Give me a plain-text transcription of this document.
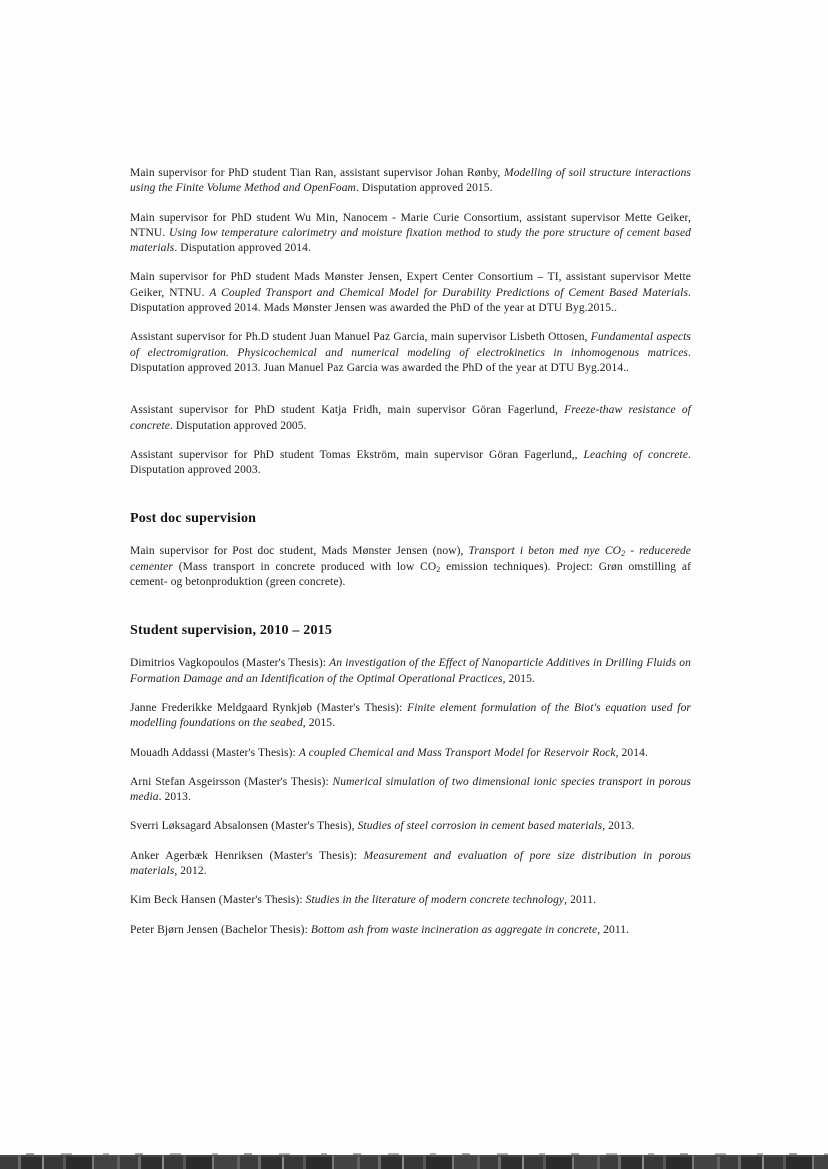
Main supervisor for PhD student Tian Ran, assistant supervisor Johan Rønby, Modelling of soil structure interactions using the Finite Volume Method and OpenFoam. Disputation approved 2015.

Main supervisor for PhD student Wu Min, Nanocem - Marie Curie Consortium, assistant supervisor Mette Geiker, NTNU. Using low temperature calorimetry and moisture fixation method to study the pore structure of cement based materials. Disputation approved 2014.

Main supervisor for PhD student Mads Mønster Jensen, Expert Center Consortium – TI, assistant supervisor Mette Geiker, NTNU. A Coupled Transport and Chemical Model for Durability Predictions of Cement Based Materials. Disputation approved 2014. Mads Mønster Jensen was awarded the PhD of the year at DTU Byg.2015..

Assistant supervisor for Ph.D student Juan Manuel Paz Garcia, main supervisor Lisbeth Ottosen, Fundamental aspects of electromigration. Physicochemical and numerical modeling of electrokinetics in inhomogenous matrices. Disputation approved 2013. Juan Manuel Paz Garcia was awarded the PhD of the year at DTU Byg.2014..

Assistant supervisor for PhD student Katja Fridh, main supervisor Göran Fagerlund, Freeze-thaw resistance of concrete. Disputation approved 2005.

Assistant supervisor for PhD student Tomas Ekström, main supervisor Göran Fagerlund,, Leaching of concrete. Disputation approved 2003.

Post doc supervision

Main supervisor for Post doc student, Mads Mønster Jensen (now), Transport i beton med nye $CO_2$ - reducerede cementer (Mass transport in concrete produced with low $CO_2$ emission techniques). Project: Grøn omstilling af cement- og betonproduktion (green concrete).

Student supervision, 2010 – 2015

Dimitrios Vagkopoulos (Master's Thesis): An investigation of the Effect of Nanoparticle Additives in Drilling Fluids on Formation Damage and an Identification of the Optimal Operational Practices, 2015.

Janne Frederikke Meldgaard Rynkjøb (Master's Thesis): Finite element formulation of the Biot's equation used for modelling foundations on the seabed, 2015.

Mouadh Addassi (Master's Thesis): A coupled Chemical and Mass Transport Model for Reservoir Rock, 2014.

Arni Stefan Asgeirsson (Master's Thesis): Numerical simulation of two dimensional ionic species transport in porous media. 2013.

Sverri Løksagard Absalonsen (Master's Thesis), Studies of steel corrosion in cement based materials, 2013.

Anker Agerbæk Henriksen (Master's Thesis): Measurement and evaluation of pore size distribution in porous materials, 2012.

Kim Beck Hansen (Master's Thesis): Studies in the literature of modern concrete technology, 2011.

Peter Bjørn Jensen (Bachelor Thesis): Bottom ash from waste incineration as aggregate in concrete, 2011.
